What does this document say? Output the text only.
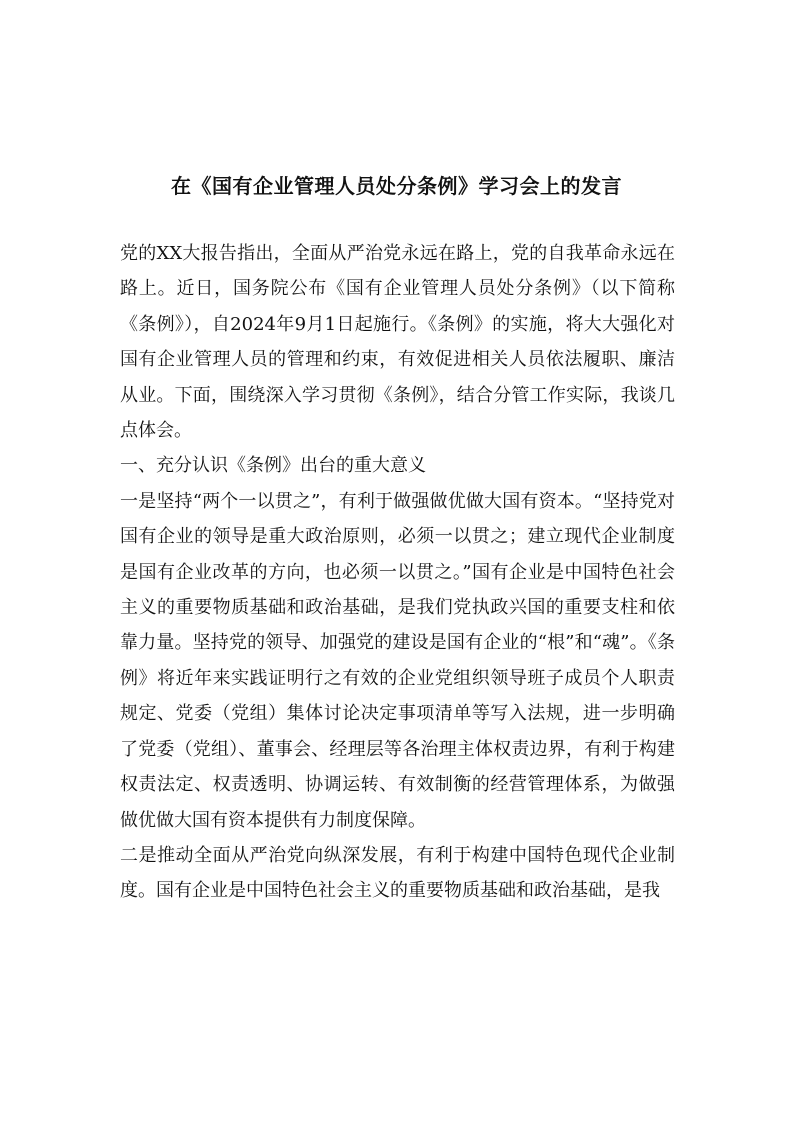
在《国有企业管理人员处分条例》学习会上的发言

党的XX大报告指出，全面从严治党永远在路上，党的自我革命永远在路上。近日，国务院公布《国有企业管理人员处分条例》（以下简称《条例》），自2024年9月1日起施行。《条例》的实施，将大大强化对国有企业管理人员的管理和约束，有效促进相关人员依法履职、廉洁从业。下面，围绕深入学习贯彻《条例》，结合分管工作实际，我谈几点体会。

一、充分认识《条例》出台的重大意义

一是坚持“两个一以贯之”，有利于做强做优做大国有资本。“坚持党对国有企业的领导是重大政治原则，必须一以贯之；建立现代企业制度是国有企业改革的方向，也必须一以贯之。”国有企业是中国特色社会主义的重要物质基础和政治基础，是我们党执政兴国的重要支柱和依靠力量。坚持党的领导、加强党的建设是国有企业的“根”和“魂”。《条例》将近年来实践证明行之有效的企业党组织领导班子成员个人职责规定、党委（党组）集体讨论决定事项清单等写入法规，进一步明确了党委（党组）、董事会、经理层等各治理主体权责边界，有利于构建权责法定、权责透明、协调运转、有效制衡的经营管理体系，为做强做优做大国有资本提供有力制度保障。

二是推动全面从严治党向纵深发展，有利于构建中国特色现代企业制度。国有企业是中国特色社会主义的重要物质基础和政治基础，是我
